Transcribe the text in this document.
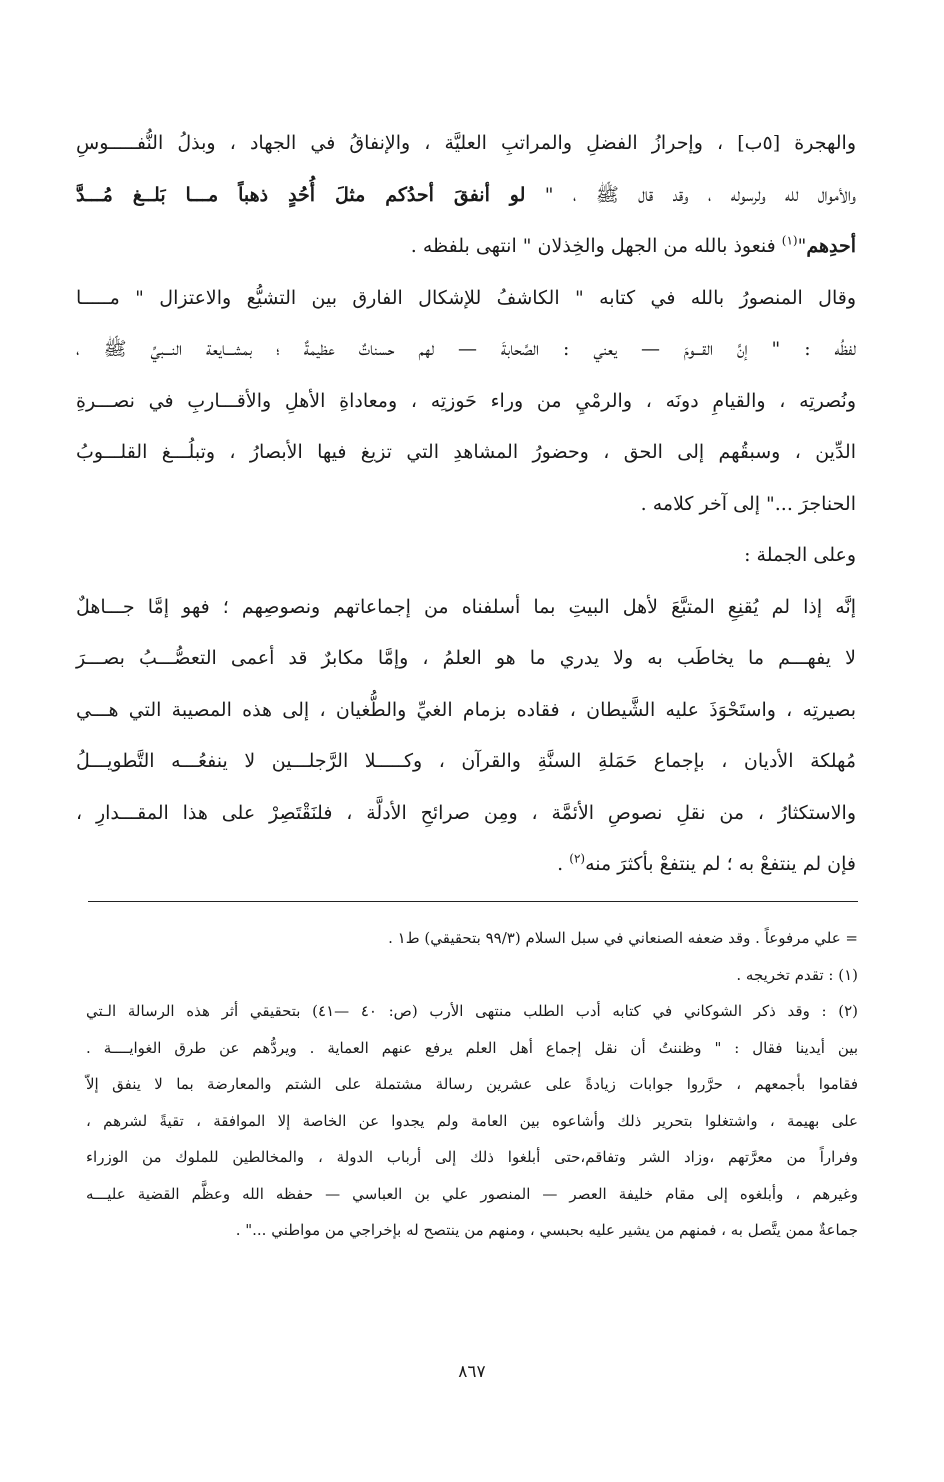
والهجرة [٥ب] ، وإحرازُ الفضلِ والمراتبِ العليَّة ، والإنفاقُ في الجهاد ، وبذلُ النُّفـــــوسِ
والأموال لله ولرسوله ، وقد قال ﷺ ، " لو أنفقَ أحدُكم مثلَ أُحُدٍ ذهباً مـــا بَلــغ مُـــدَّ
أحدِهم"$^{(١)}$ فنعوذ بالله من الجهل والخِذلان " انتهى بلفظه .
وقال المنصورُ بالله في كتابه " الكاشفُ للإشكال الفارق بين التشيُّع والاعتزال " مـــــا
لفظُه : " إنَّ القـــومَ — يعني : الصَّحابةَ — لهم حسناتٌ عظيمةٌ ؛ بمشـــايعة النـــبيِّ ﷺ ،
ونُصرتِه ، والقيامِ دونَه ، والرمْيِ من وراء حَوزتِه ، ومعاداةِ الأهلِ والأقـــاربِ في نصـــرةِ
الدِّين ، وسبقُهم إلى الحق ، وحضورُ المشاهدِ التي تزيغ فيها الأبصارُ ، وتبلُـــغ القلـــوبُ
الحناجرَ ..." إلى آخر كلامه .
وعلى الجملة :
إنَّه إذا لم يُقنِعِ المتبَّعَ لأهل البيتِ بما أسلفناه من إجماعاتهم ونصوصِهم ؛ فهو إمَّا جـــاهلٌ
لا يفهـــم ما يخاطَب به ولا يدري ما هو العلمُ ، وإمَّا مكابرٌ قد أعمى التعصُّـــبُ بصـــرَ
بصيرتِه ، واستَحْوَذَ عليه الشَّيطان ، فقاده بزمام الغيِّ والطُّغيان ، إلى هذه المصيبة التي هـــي
مُهلكة الأديان ، بإجماع حَمَلةِ السنَّةِ والقرآن ، وكـــــلا الرَّجلـــين لا ينفعُـــه التَّطويـــلُ
والاستكثارُ ، من نقلِ نصوصِ الأئمَّة ، ومِن صرائحِ الأدلَّة ، فلنَقْتَصِرْ على هذا المقـــدارِ ،
فإن لم ينتفعْ به ؛ لم ينتفعْ بأكثرَ منه$^{(٢)}$ .
= علي مرفوعاً . وقد ضعفه الصنعاني في سبل السلام (٩٩/٣ بتحقيقي) ط١ .
(١) : تقدم تخريجه .
(٢) : وقد ذكر الشوكاني في كتابه أدب الطلب منتهى الأرب (ص: ٤٠ —٤١) بتحقيقي أثر هذه الرسالة الـتي
بين أيدينا فقال : " وظننتُ أن نقل إجماع أهل العلم يرفع عنهم العماية . ويردُّهم عن طرق الغوايــــة .
فقاموا بأجمعهم ، حرَّروا جوابات زيادةً على عشرين رسالة مشتملة على الشتم والمعارضة بما لا ينفق إلاّ
على بهيمة ، واشتغلوا بتحرير ذلك وأشاعوه بين العامة ولم يجدوا عن الخاصة إلا الموافقة ، تقيةً لشرهم ،
وفراراً من معرَّتهم ،وزاد الشر وتفاقم،حتى أبلغوا ذلك إلى أرباب الدولة ، والمخالطين للملوك من الوزراء
وغيرهم ، وأبلغوه إلى مقام خليفة العصر — المنصور علي بن العباسي — حفظه الله وعظَّم القضية عليـــه
جماعةٌ ممن يتَّصل به ، فمنهم من يشير عليه بحبسي ، ومنهم من ينتصح له بإخراجي من مواطني ..." .
٨٦٧
